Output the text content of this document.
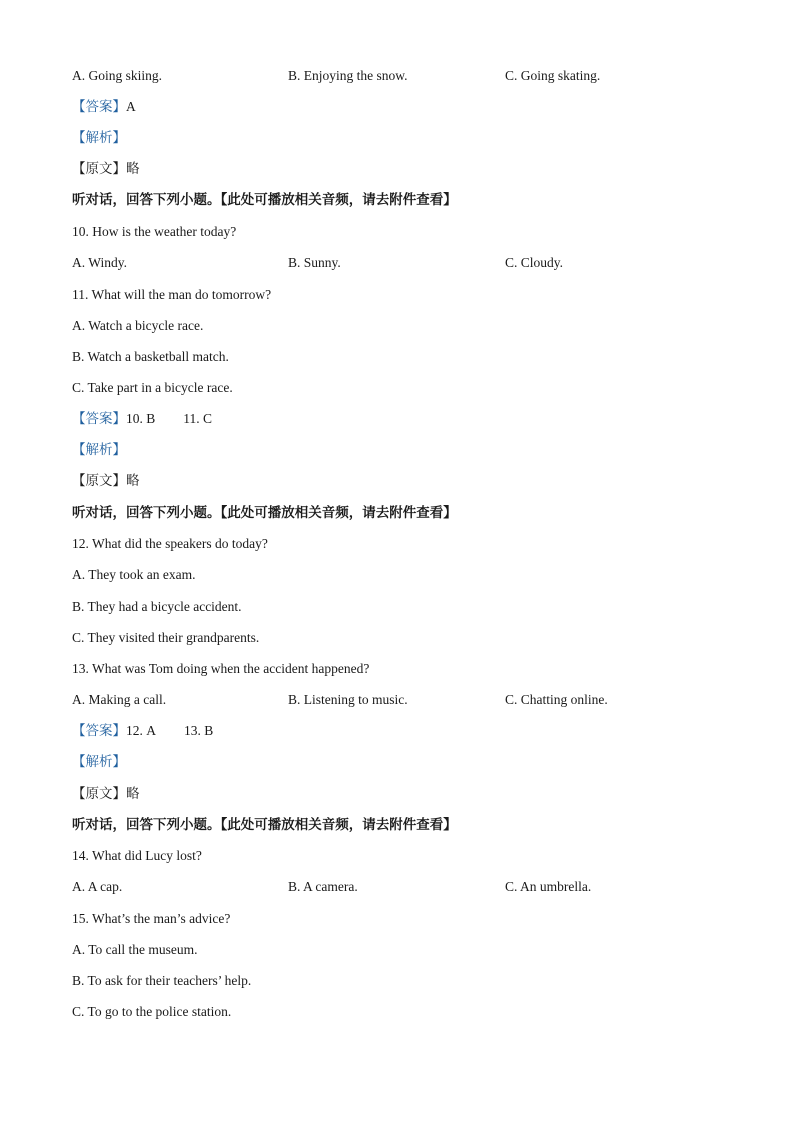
A. Going skiing.	B. Enjoying the snow.	C. Going skating.
【答案】A
【解析】
【原文】略
听对话，回答下列小题。【此处可播放相关音频，请去附件查看】
10. How is the weather today?
A. Windy.	B. Sunny.	C. Cloudy.
11. What will the man do tomorrow?
A. Watch a bicycle race.
B. Watch a basketball match.
C. Take part in a bicycle race.
【答案】10. B 11. C
【解析】
【原文】略
听对话，回答下列小题。【此处可播放相关音频，请去附件查看】
12. What did the speakers do today?
A. They took an exam.
B. They had a bicycle accident.
C. They visited their grandparents.
13. What was Tom doing when the accident happened?
A. Making a call.	B. Listening to music.	C. Chatting online.
【答案】12. A 13. B
【解析】
【原文】略
听对话，回答下列小题。【此处可播放相关音频，请去附件查看】
14. What did Lucy lost?
A. A cap.	B. A camera.	C. An umbrella.
15. What’s the man’s advice?
A. To call the museum.
B. To ask for their teachers’ help.
C. To go to the police station.
